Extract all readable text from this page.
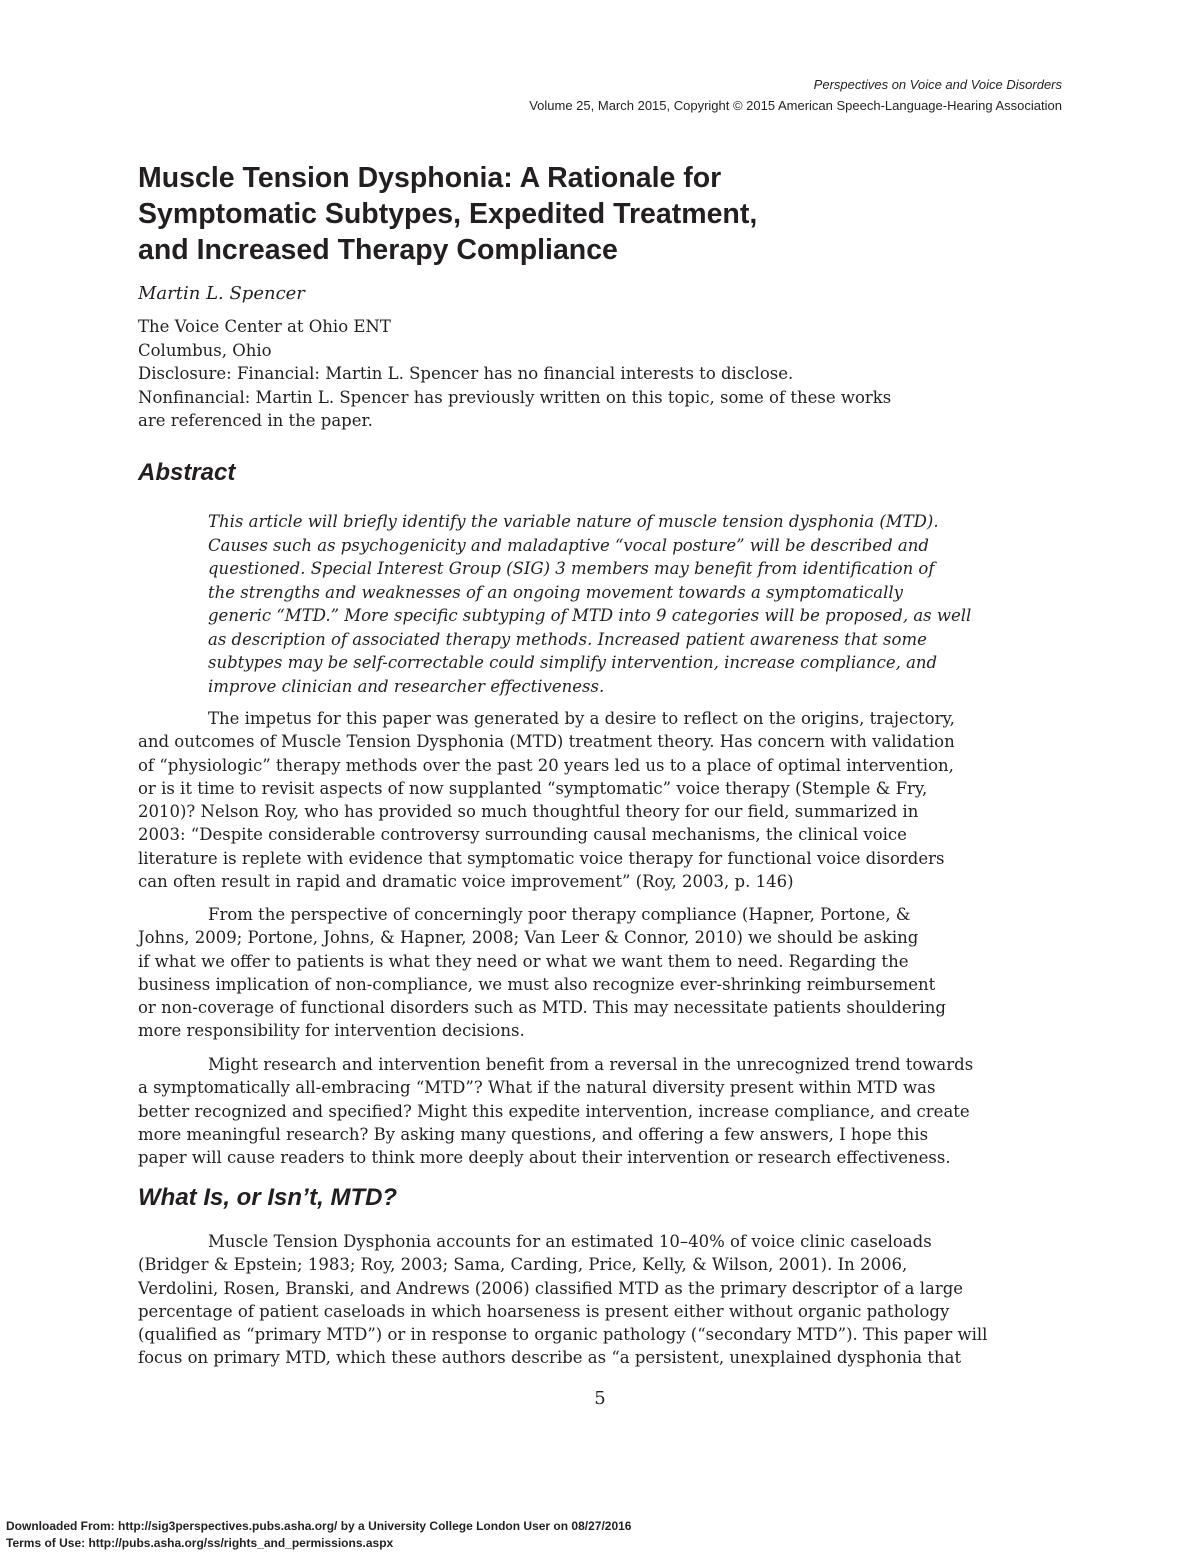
Perspectives on Voice and Voice Disorders
Volume 25, March 2015, Copyright © 2015 American Speech-Language-Hearing Association
Muscle Tension Dysphonia: A Rationale for
Symptomatic Subtypes, Expedited Treatment,
and Increased Therapy Compliance
Martin L. Spencer
The Voice Center at Ohio ENT
Columbus, Ohio
Disclosure: Financial: Martin L. Spencer has no financial interests to disclose.
Nonfinancial: Martin L. Spencer has previously written on this topic, some of these works
are referenced in the paper.
Abstract
This article will briefly identify the variable nature of muscle tension dysphonia (MTD).
Causes such as psychogenicity and maladaptive “vocal posture” will be described and
questioned. Special Interest Group (SIG) 3 members may benefit from identification of
the strengths and weaknesses of an ongoing movement towards a symptomatically
generic “MTD.” More specific subtyping of MTD into 9 categories will be proposed, as well
as description of associated therapy methods. Increased patient awareness that some
subtypes may be self-correctable could simplify intervention, increase compliance, and
improve clinician and researcher effectiveness.
The impetus for this paper was generated by a desire to reflect on the origins, trajectory,
and outcomes of Muscle Tension Dysphonia (MTD) treatment theory. Has concern with validation
of “physiologic” therapy methods over the past 20 years led us to a place of optimal intervention,
or is it time to revisit aspects of now supplanted “symptomatic” voice therapy (Stemple & Fry,
2010)? Nelson Roy, who has provided so much thoughtful theory for our field, summarized in
2003: “Despite considerable controversy surrounding causal mechanisms, the clinical voice
literature is replete with evidence that symptomatic voice therapy for functional voice disorders
can often result in rapid and dramatic voice improvement” (Roy, 2003, p. 146)
From the perspective of concerningly poor therapy compliance (Hapner, Portone, &
Johns, 2009; Portone, Johns, & Hapner, 2008; Van Leer & Connor, 2010) we should be asking
if what we offer to patients is what they need or what we want them to need. Regarding the
business implication of non-compliance, we must also recognize ever-shrinking reimbursement
or non-coverage of functional disorders such as MTD. This may necessitate patients shouldering
more responsibility for intervention decisions.
Might research and intervention benefit from a reversal in the unrecognized trend towards
a symptomatically all-embracing “MTD”? What if the natural diversity present within MTD was
better recognized and specified? Might this expedite intervention, increase compliance, and create
more meaningful research? By asking many questions, and offering a few answers, I hope this
paper will cause readers to think more deeply about their intervention or research effectiveness.
What Is, or Isn’t, MTD?
Muscle Tension Dysphonia accounts for an estimated 10–40% of voice clinic caseloads
(Bridger & Epstein; 1983; Roy, 2003; Sama, Carding, Price, Kelly, & Wilson, 2001). In 2006,
Verdolini, Rosen, Branski, and Andrews (2006) classified MTD as the primary descriptor of a large
percentage of patient caseloads in which hoarseness is present either without organic pathology
(qualified as “primary MTD”) or in response to organic pathology (“secondary MTD”). This paper will
focus on primary MTD, which these authors describe as “a persistent, unexplained dysphonia that
5
Downloaded From: http://sig3perspectives.pubs.asha.org/ by a University College London User on 08/27/2016
Terms of Use: http://pubs.asha.org/ss/rights_and_permissions.aspx
